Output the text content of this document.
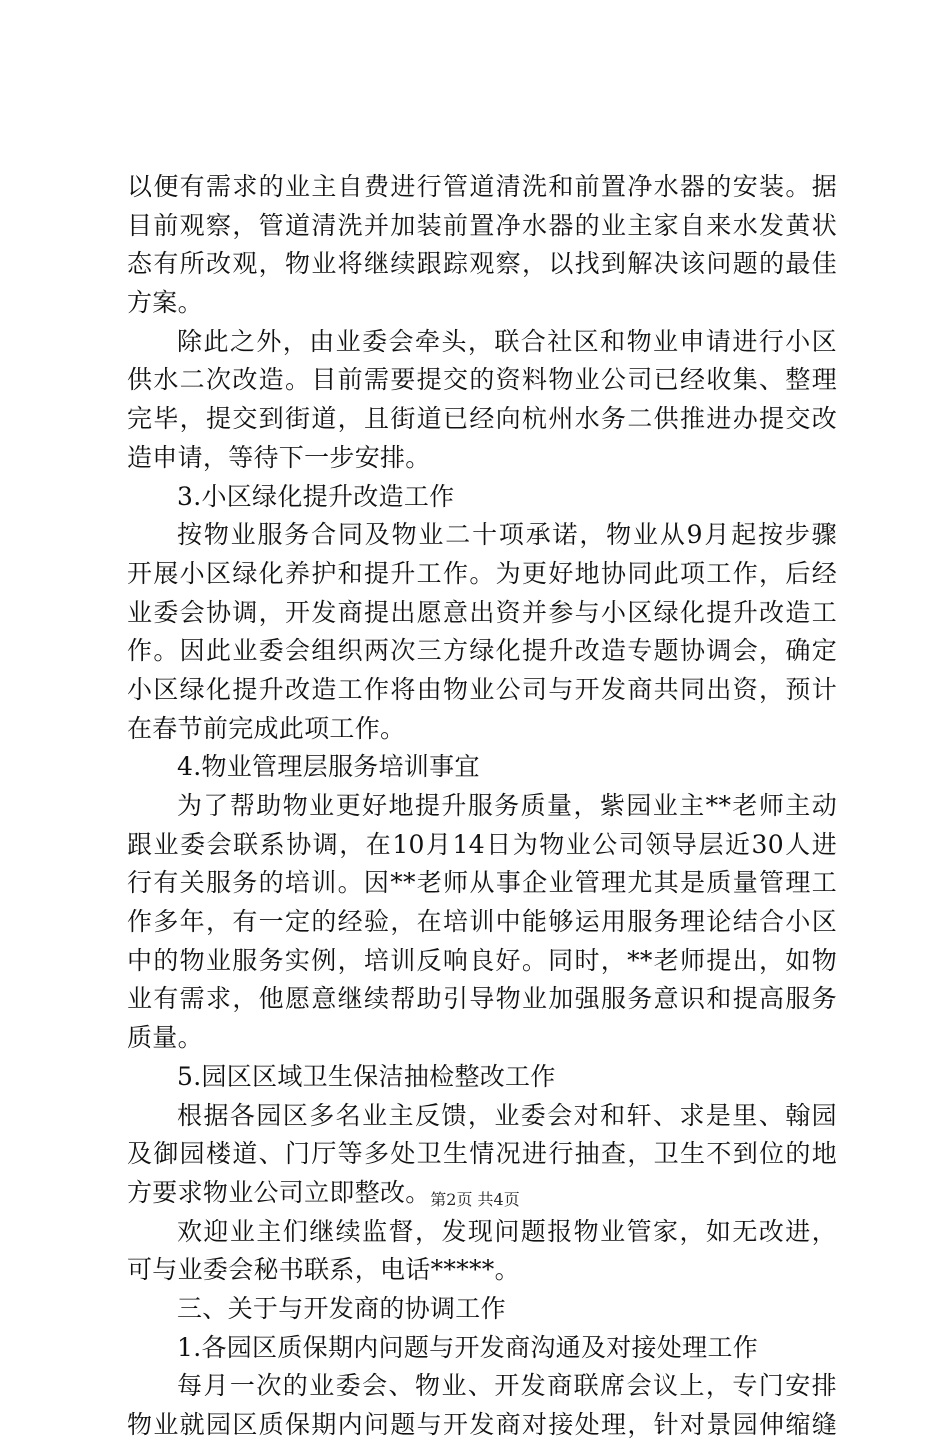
以便有需求的业主自费进行管道清洗和前置净水器的安装。据
目前观察，管道清洗并加装前置净水器的业主家自来水发黄状
态有所改观，物业将继续跟踪观察，以找到解决该问题的最佳
方案。
除此之外，由业委会牵头，联合社区和物业申请进行小区
供水二次改造。目前需要提交的资料物业公司已经收集、整理
完毕，提交到街道，且街道已经向杭州水务二供推进办提交改
造申请，等待下一步安排。
3.小区绿化提升改造工作
按物业服务合同及物业二十项承诺，物业从9月起按步骤
开展小区绿化养护和提升工作。为更好地协同此项工作，后经
业委会协调，开发商提出愿意出资并参与小区绿化提升改造工
作。因此业委会组织两次三方绿化提升改造专题协调会，确定
小区绿化提升改造工作将由物业公司与开发商共同出资，预计
在春节前完成此项工作。
4.物业管理层服务培训事宜
为了帮助物业更好地提升服务质量，紫园业主**老师主动
跟业委会联系协调，在10月14日为物业公司领导层近30人进
行有关服务的培训。因**老师从事企业管理尤其是质量管理工
作多年，有一定的经验，在培训中能够运用服务理论结合小区
中的物业服务实例，培训反响良好。同时，**老师提出，如物
业有需求，他愿意继续帮助引导物业加强服务意识和提高服务
质量。
5.园区区域卫生保洁抽检整改工作
根据各园区多名业主反馈，业委会对和轩、求是里、翰园
及御园楼道、门厅等多处卫生情况进行抽查，卫生不到位的地
方要求物业公司立即整改。
欢迎业主们继续监督，发现问题报物业管家，如无改进，
可与业委会秘书联系，电话*****。
三、关于与开发商的协调工作
1.各园区质保期内问题与开发商沟通及对接处理工作
每月一次的业委会、物业、开发商联席会议上，专门安排
物业就园区质保期内问题与开发商对接处理，针对景园伸缩缝
第2页 共4页
